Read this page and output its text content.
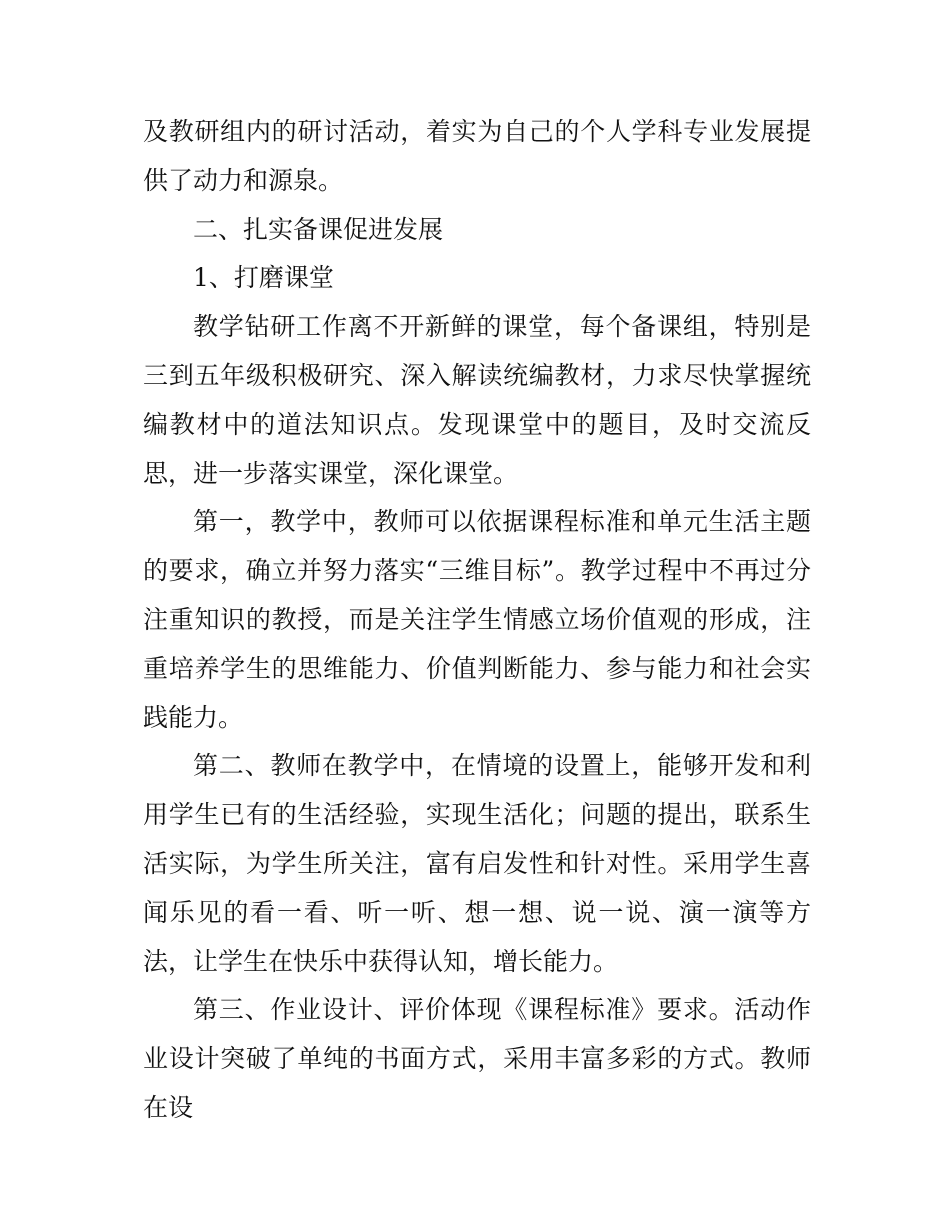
及教研组内的研讨活动，着实为自己的个人学科专业发展提供了动力和源泉。

二、扎实备课促进发展

1、打磨课堂

教学钻研工作离不开新鲜的课堂，每个备课组，特别是三到五年级积极研究、深入解读统编教材，力求尽快掌握统编教材中的道法知识点。发现课堂中的题目，及时交流反思，进一步落实课堂，深化课堂。

第一，教学中，教师可以依据课程标准和单元生活主题的要求，确立并努力落实“三维目标”。教学过程中不再过分注重知识的教授，而是关注学生情感立场价值观的形成，注重培养学生的思维能力、价值判断能力、参与能力和社会实践能力。

第二、教师在教学中，在情境的设置上，能够开发和利用学生已有的生活经验，实现生活化；问题的提出，联系生活实际，为学生所关注，富有启发性和针对性。采用学生喜闻乐见的看一看、听一听、想一想、说一说、演一演等方法，让学生在快乐中获得认知，增长能力。

第三、作业设计、评价体现《课程标准》要求。活动作业设计突破了单纯的书面方式，采用丰富多彩的方式。教师在设
